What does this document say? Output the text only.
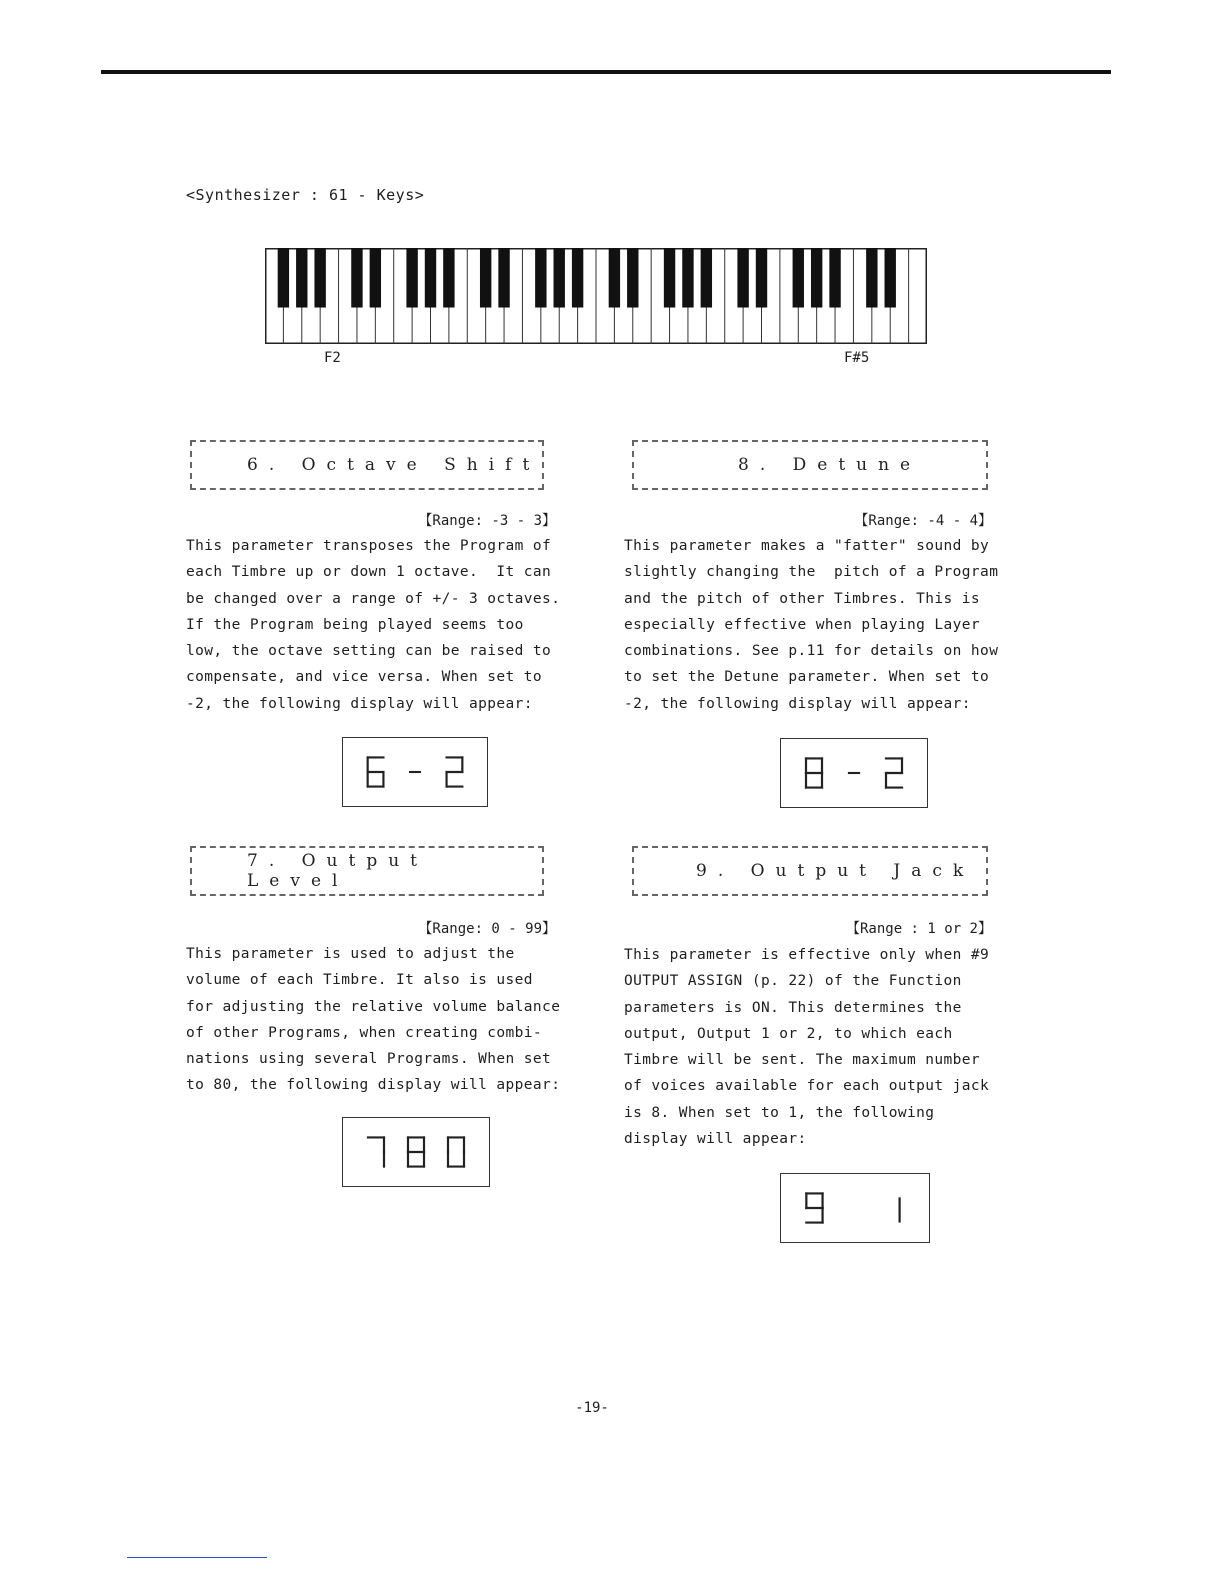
<Synthesizer : 61 - Keys>
F2	F#5
6. Octave Shift
【Range: -3 - 3】
This parameter transposes the Program of
each Timbre up or down 1 octave.  It can
be changed over a range of +/- 3 octaves.
If the Program being played seems too
low, the octave setting can be raised to
compensate, and vice versa. When set to
-2, the following display will appear:
8. Detune
【Range: -4 - 4】
This parameter makes a "fatter" sound by
slightly changing the  pitch of a Program
and the pitch of other Timbres. This is
especially effective when playing Layer
combinations. See p.11 for details on how
to set the Detune parameter. When set to
-2, the following display will appear:
7. Output Level
【Range: 0 - 99】
This parameter is used to adjust the
volume of each Timbre. It also is used
for adjusting the relative volume balance
of other Programs, when creating combi-
nations using several Programs. When set
to 80, the following display will appear:
9. Output Jack
【Range : 1 or 2】
This parameter is effective only when #9
OUTPUT ASSIGN (p. 22) of the Function
parameters is ON. This determines the
output, Output 1 or 2, to which each
Timbre will be sent. The maximum number
of voices available for each output jack
is 8. When set to 1, the following
display will appear:
-19-
